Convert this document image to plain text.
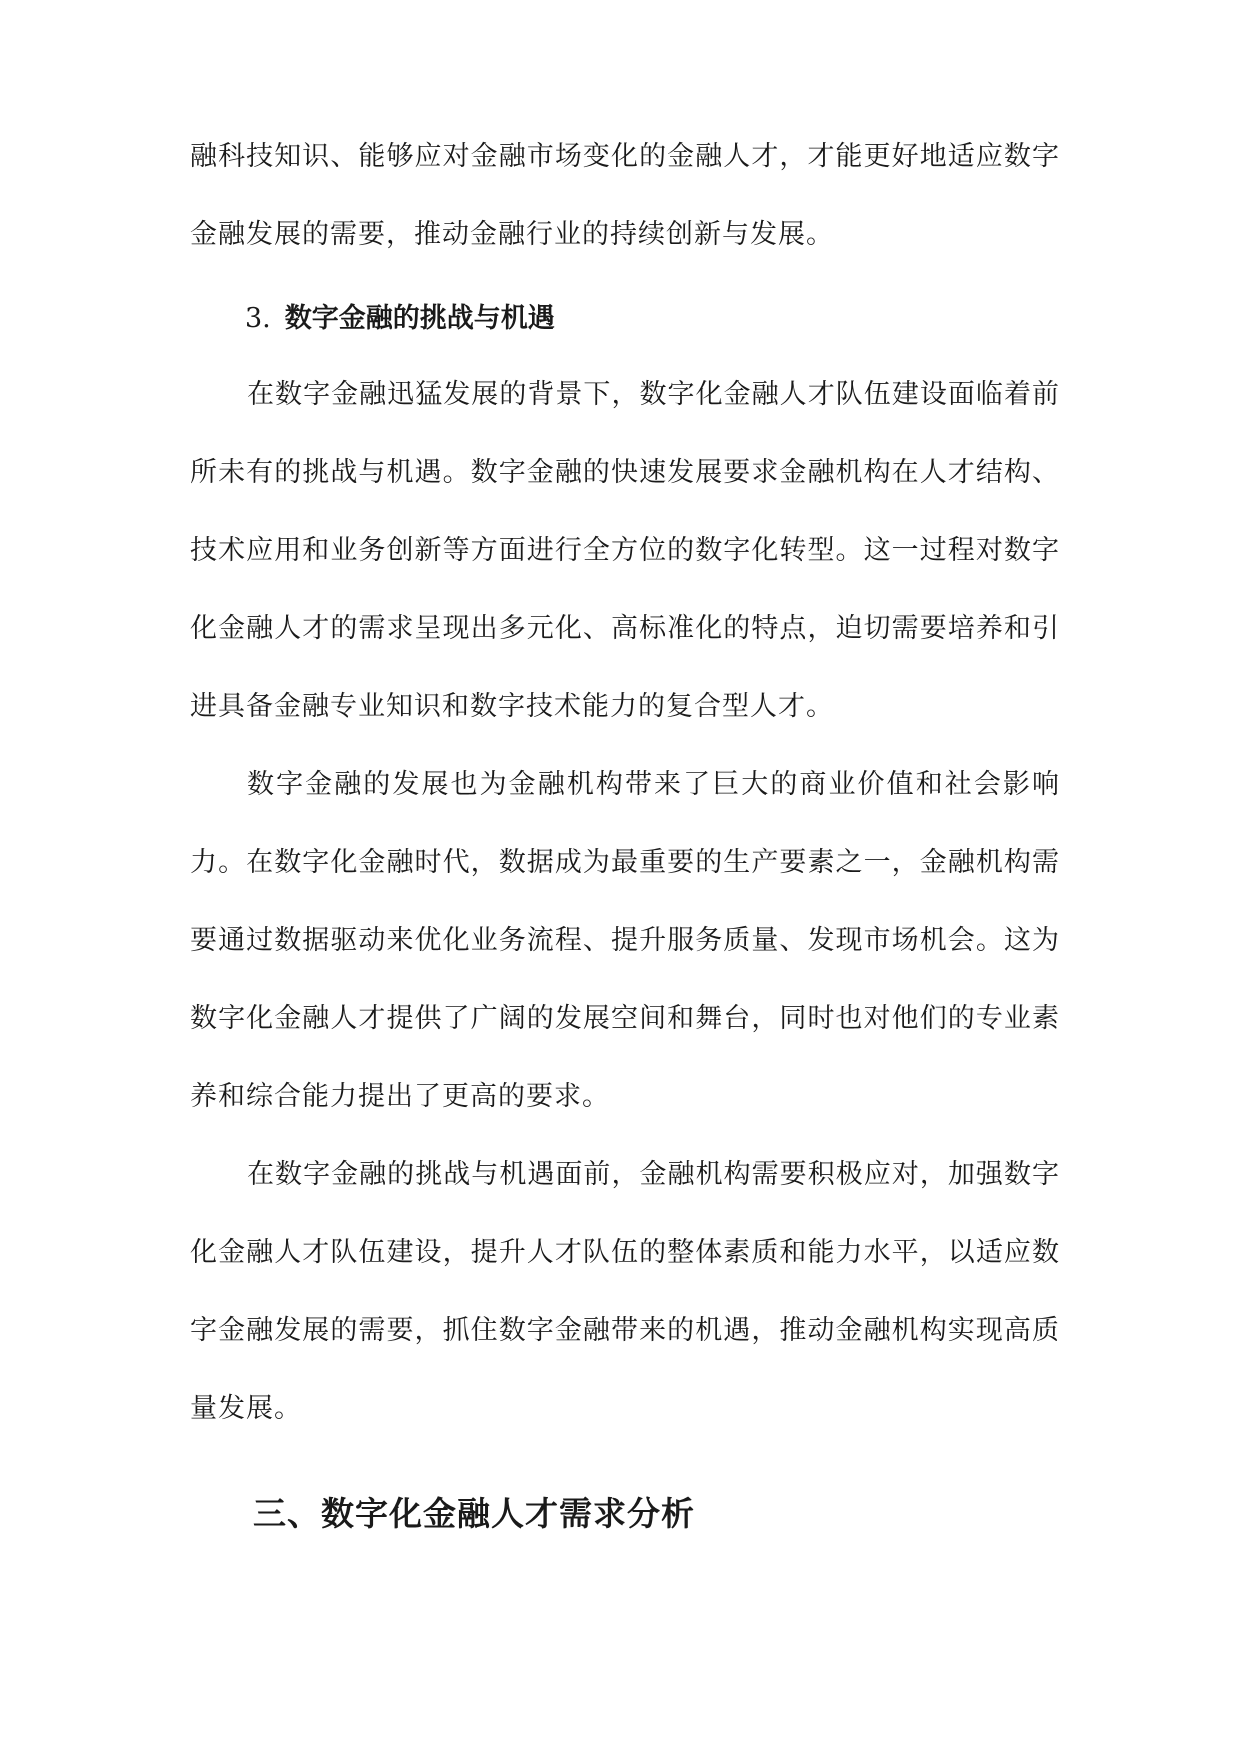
融科技知识、能够应对金融市场变化的金融人才，才能更好地适应数字金融发展的需要，推动金融行业的持续创新与发展。

3. 数字金融的挑战与机遇

在数字金融迅猛发展的背景下，数字化金融人才队伍建设面临着前所未有的挑战与机遇。数字金融的快速发展要求金融机构在人才结构、技术应用和业务创新等方面进行全方位的数字化转型。这一过程对数字化金融人才的需求呈现出多元化、高标准化的特点，迫切需要培养和引进具备金融专业知识和数字技术能力的复合型人才。

数字金融的发展也为金融机构带来了巨大的商业价值和社会影响力。在数字化金融时代，数据成为最重要的生产要素之一，金融机构需要通过数据驱动来优化业务流程、提升服务质量、发现市场机会。这为数字化金融人才提供了广阔的发展空间和舞台，同时也对他们的专业素养和综合能力提出了更高的要求。

在数字金融的挑战与机遇面前，金融机构需要积极应对，加强数字化金融人才队伍建设，提升人才队伍的整体素质和能力水平，以适应数字金融发展的需要，抓住数字金融带来的机遇，推动金融机构实现高质量发展。

三、数字化金融人才需求分析
